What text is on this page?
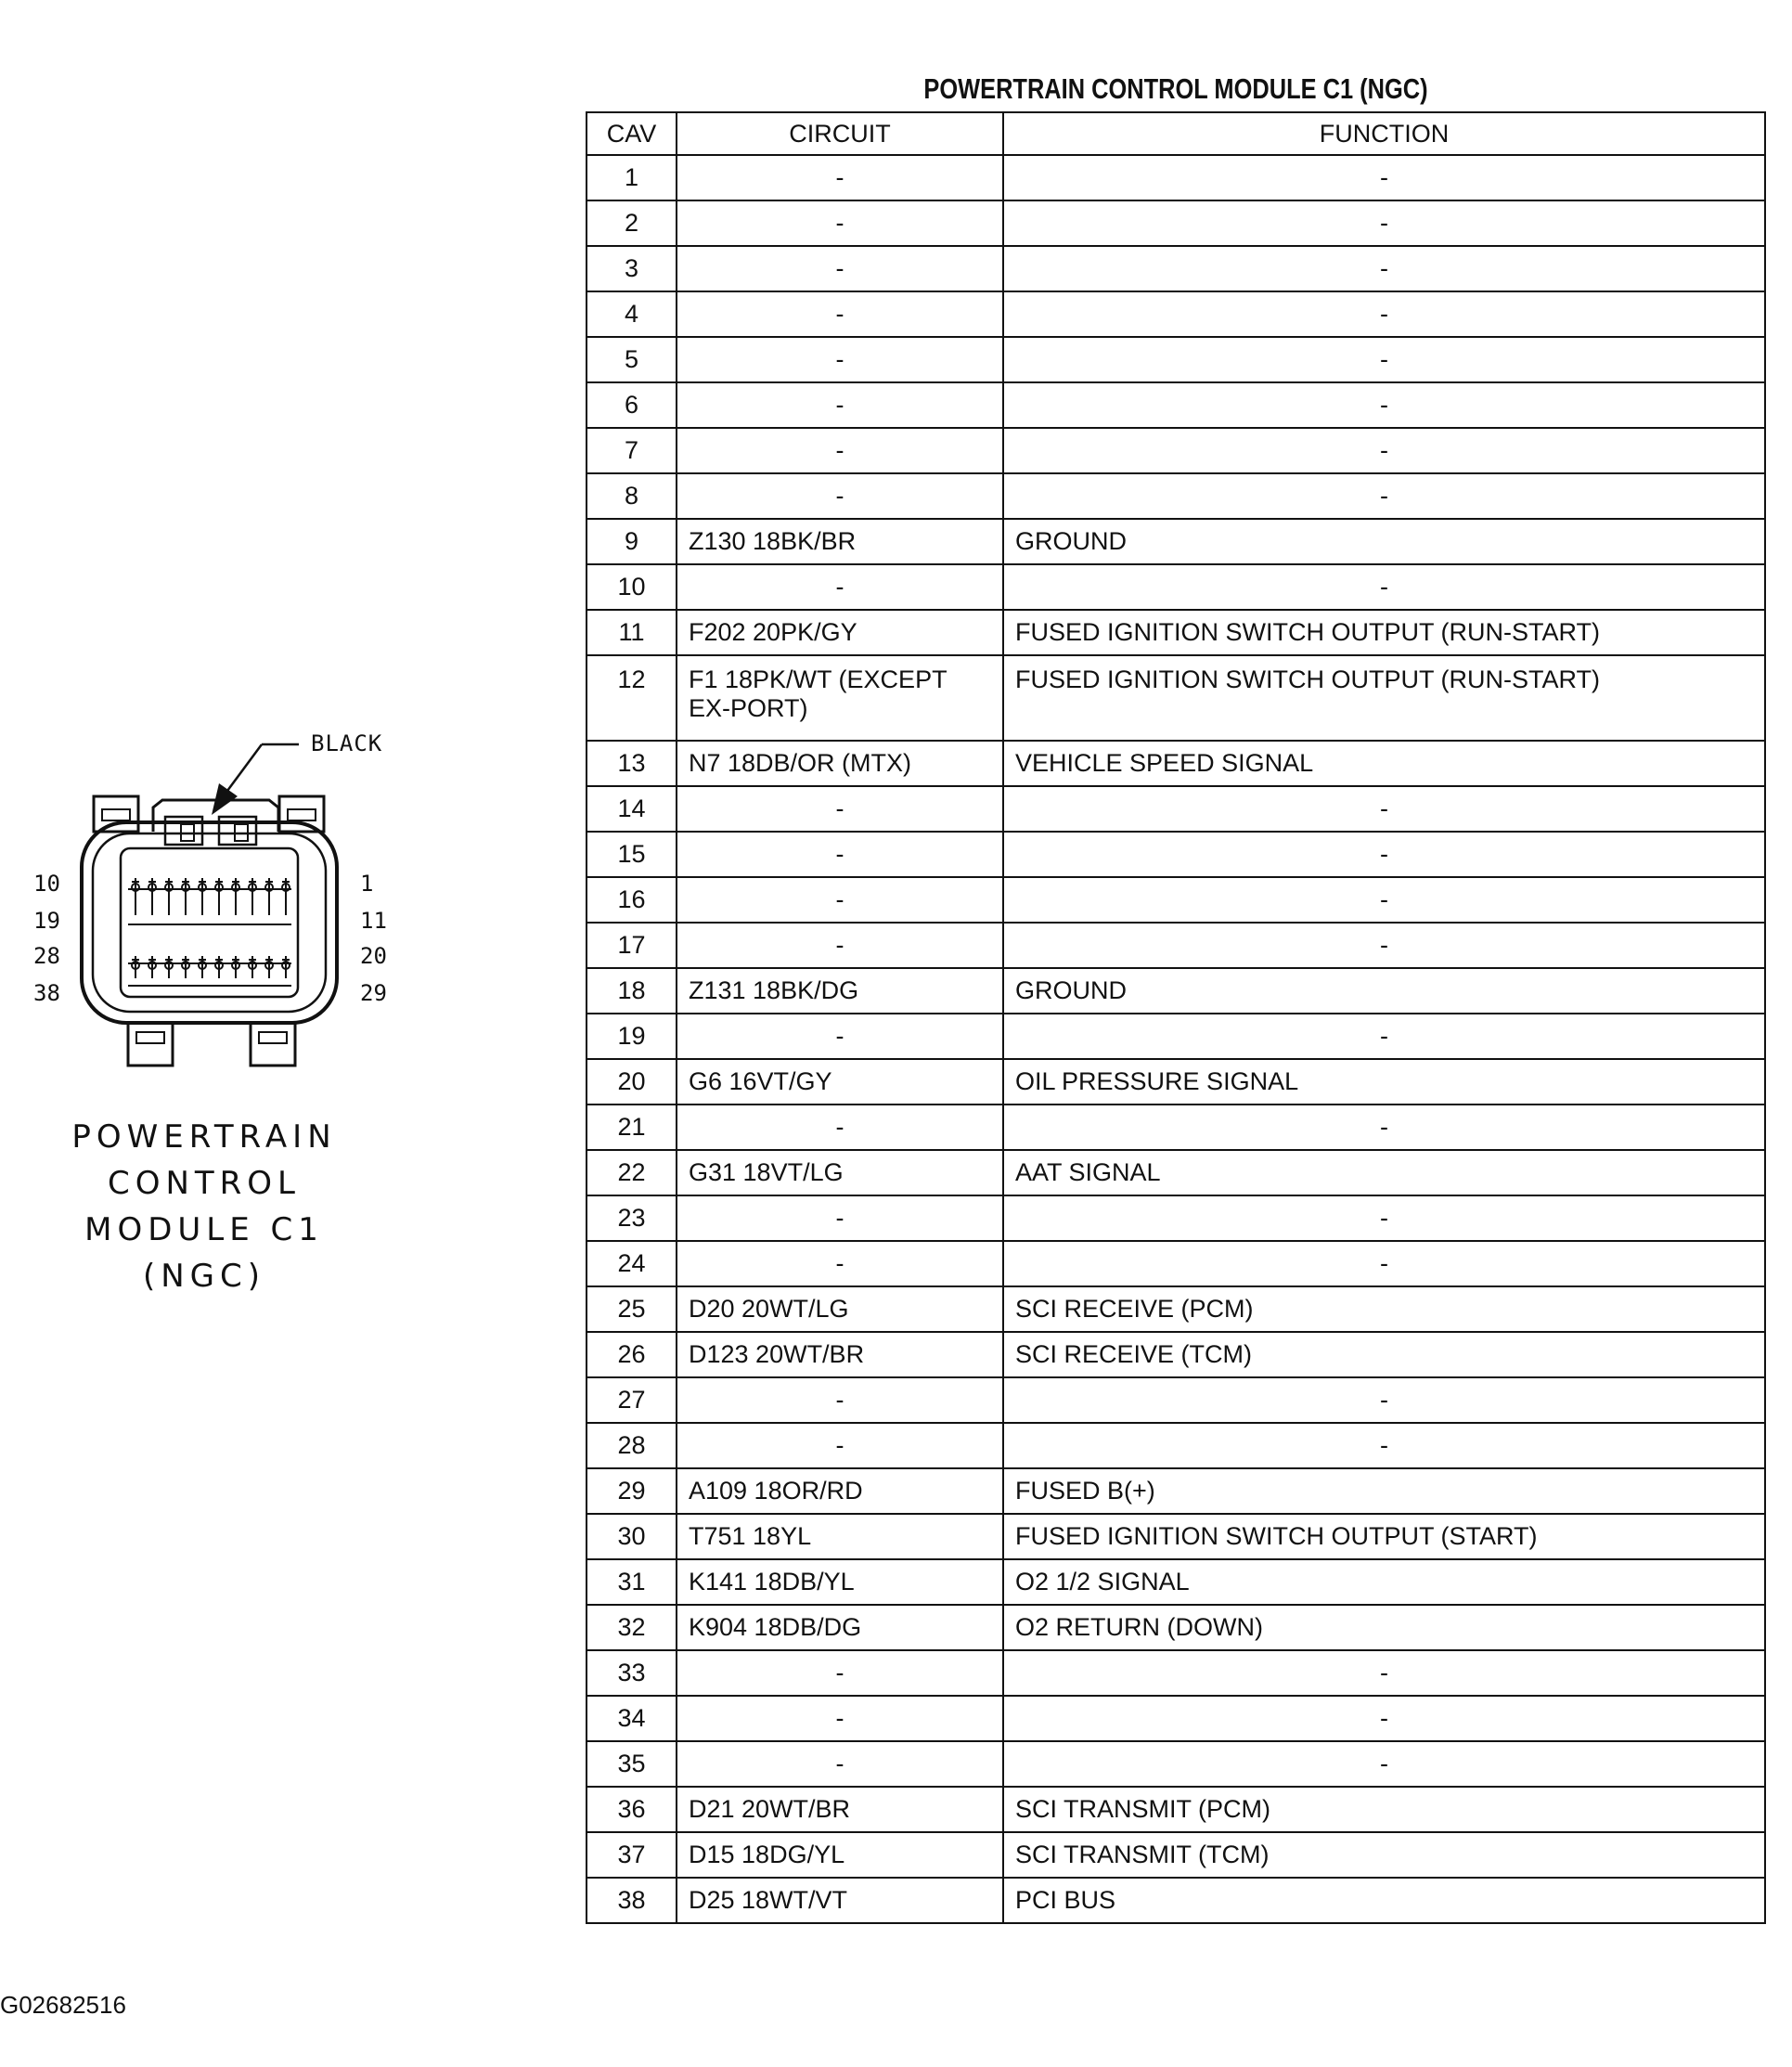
BLACK
10
19
28
38
1
11
20
29
POWERTRAIN
CONTROL
MODULE C1
(NGC)
POWERTRAIN CONTROL MODULE C1 (NGC)
CAV	CIRCUIT	FUNCTION
1	-	-
2	-	-
3	-	-
4	-	-
5	-	-
6	-	-
7	-	-
8	-	-
9	Z130 18BK/BR	GROUND
10	-	-
11	F202 20PK/GY	FUSED IGNITION SWITCH OUTPUT (RUN-START)
12	F1 18PK/WT (EXCEPT EX-PORT)	FUSED IGNITION SWITCH OUTPUT (RUN-START)
13	N7 18DB/OR (MTX)	VEHICLE SPEED SIGNAL
14	-	-
15	-	-
16	-	-
17	-	-
18	Z131 18BK/DG	GROUND
19	-	-
20	G6 16VT/GY	OIL PRESSURE SIGNAL
21	-	-
22	G31 18VT/LG	AAT SIGNAL
23	-	-
24	-	-
25	D20 20WT/LG	SCI RECEIVE (PCM)
26	D123 20WT/BR	SCI RECEIVE (TCM)
27	-	-
28	-	-
29	A109 18OR/RD	FUSED B(+)
30	T751 18YL	FUSED IGNITION SWITCH OUTPUT (START)
31	K141 18DB/YL	O2 1/2 SIGNAL
32	K904 18DB/DG	O2 RETURN (DOWN)
33	-	-
34	-	-
35	-	-
36	D21 20WT/BR	SCI TRANSMIT (PCM)
37	D15 18DG/YL	SCI TRANSMIT (TCM)
38	D25 18WT/VT	PCI BUS
G02682516
